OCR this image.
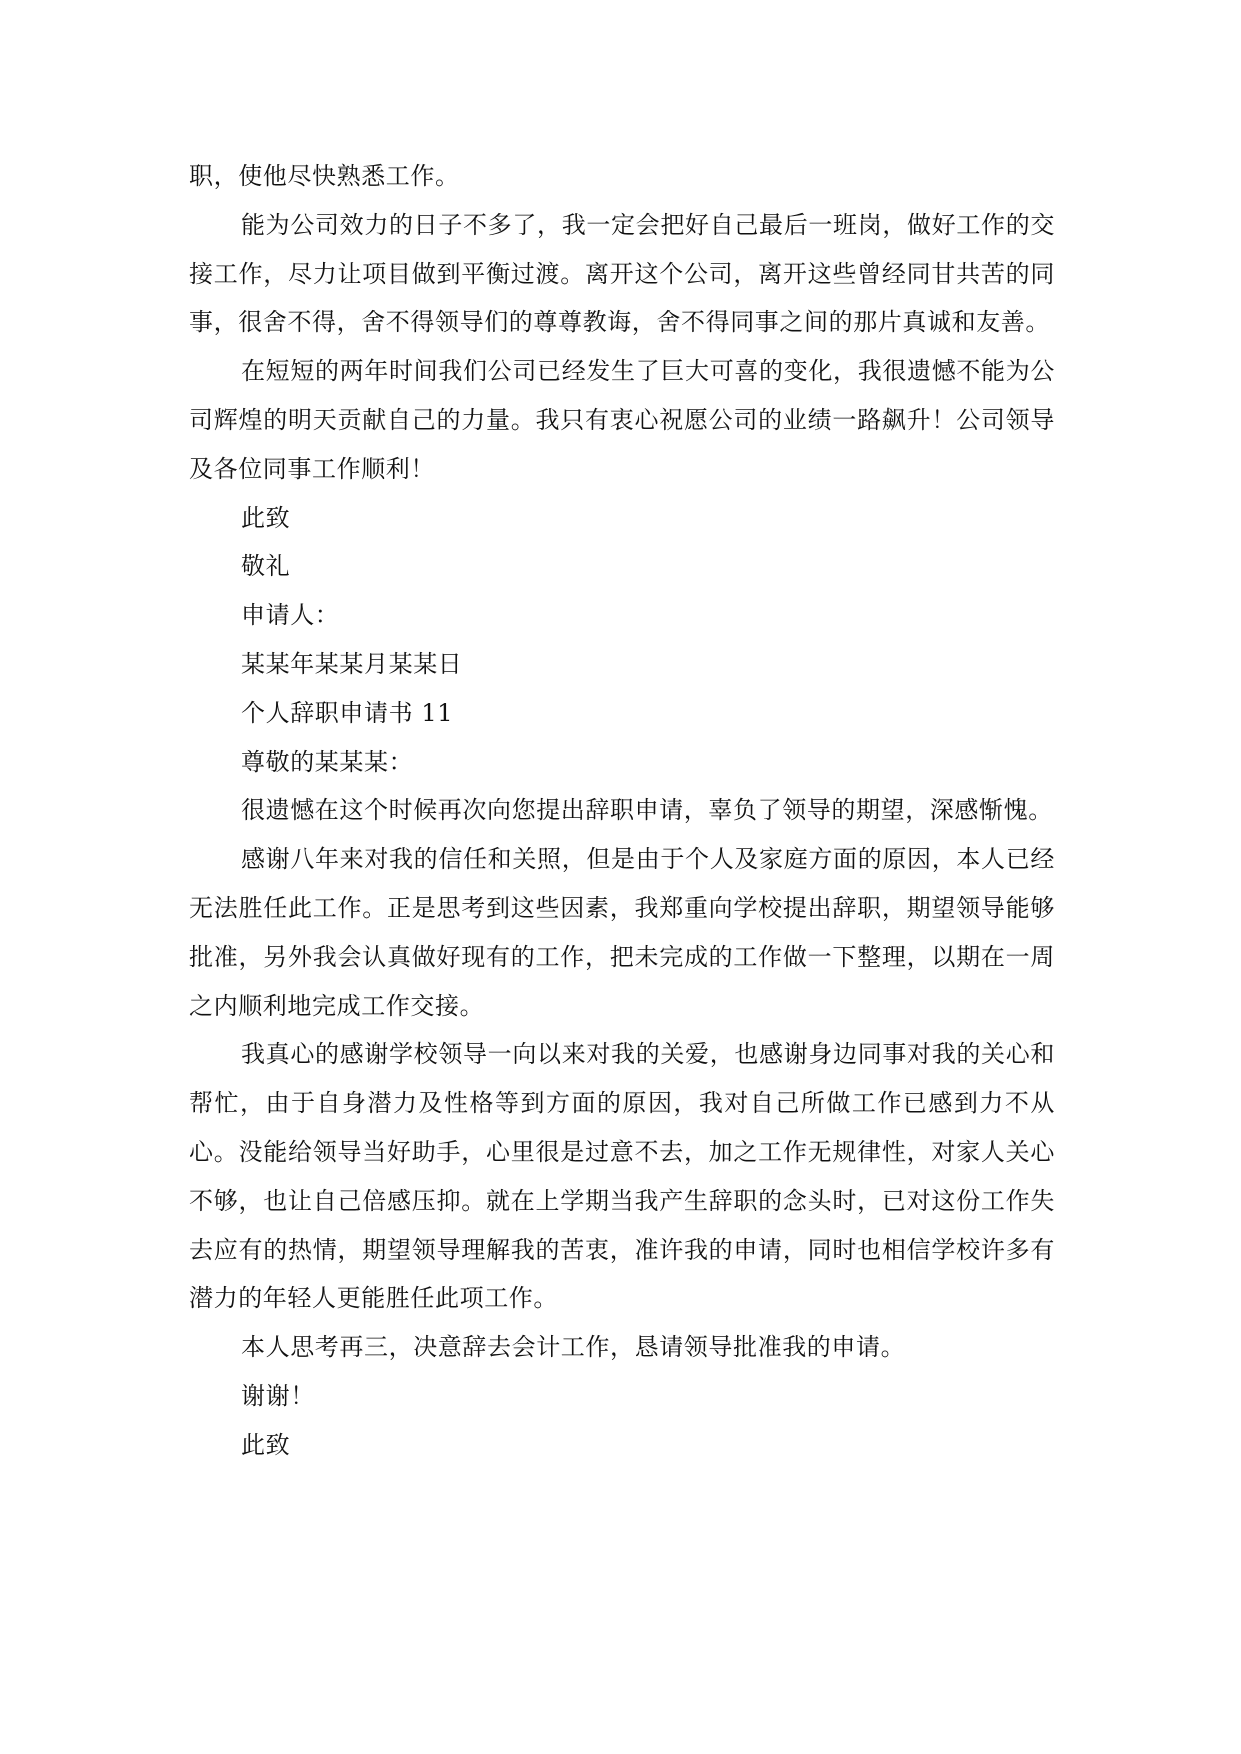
职，使他尽快熟悉工作。

能为公司效力的日子不多了，我一定会把好自己最后一班岗，做好工作的交接工作，尽力让项目做到平衡过渡。离开这个公司，离开这些曾经同甘共苦的同事，很舍不得，舍不得领导们的尊尊教诲，舍不得同事之间的那片真诚和友善。

在短短的两年时间我们公司已经发生了巨大可喜的变化，我很遗憾不能为公司辉煌的明天贡献自己的力量。我只有衷心祝愿公司的业绩一路飙升！公司领导及各位同事工作顺利！

此致

敬礼

申请人：

某某年某某月某某日

个人辞职申请书 11

尊敬的某某某：

很遗憾在这个时候再次向您提出辞职申请，辜负了领导的期望，深感惭愧。

感谢八年来对我的信任和关照，但是由于个人及家庭方面的原因，本人已经无法胜任此工作。正是思考到这些因素，我郑重向学校提出辞职，期望领导能够批准，另外我会认真做好现有的工作，把未完成的工作做一下整理，以期在一周之内顺利地完成工作交接。

我真心的感谢学校领导一向以来对我的关爱，也感谢身边同事对我的关心和帮忙，由于自身潜力及性格等到方面的原因，我对自己所做工作已感到力不从心。没能给领导当好助手，心里很是过意不去，加之工作无规律性，对家人关心不够，也让自己倍感压抑。就在上学期当我产生辞职的念头时，已对这份工作失去应有的热情，期望领导理解我的苦衷，准许我的申请，同时也相信学校许多有潜力的年轻人更能胜任此项工作。

本人思考再三，决意辞去会计工作，恳请领导批准我的申请。

谢谢！

此致
